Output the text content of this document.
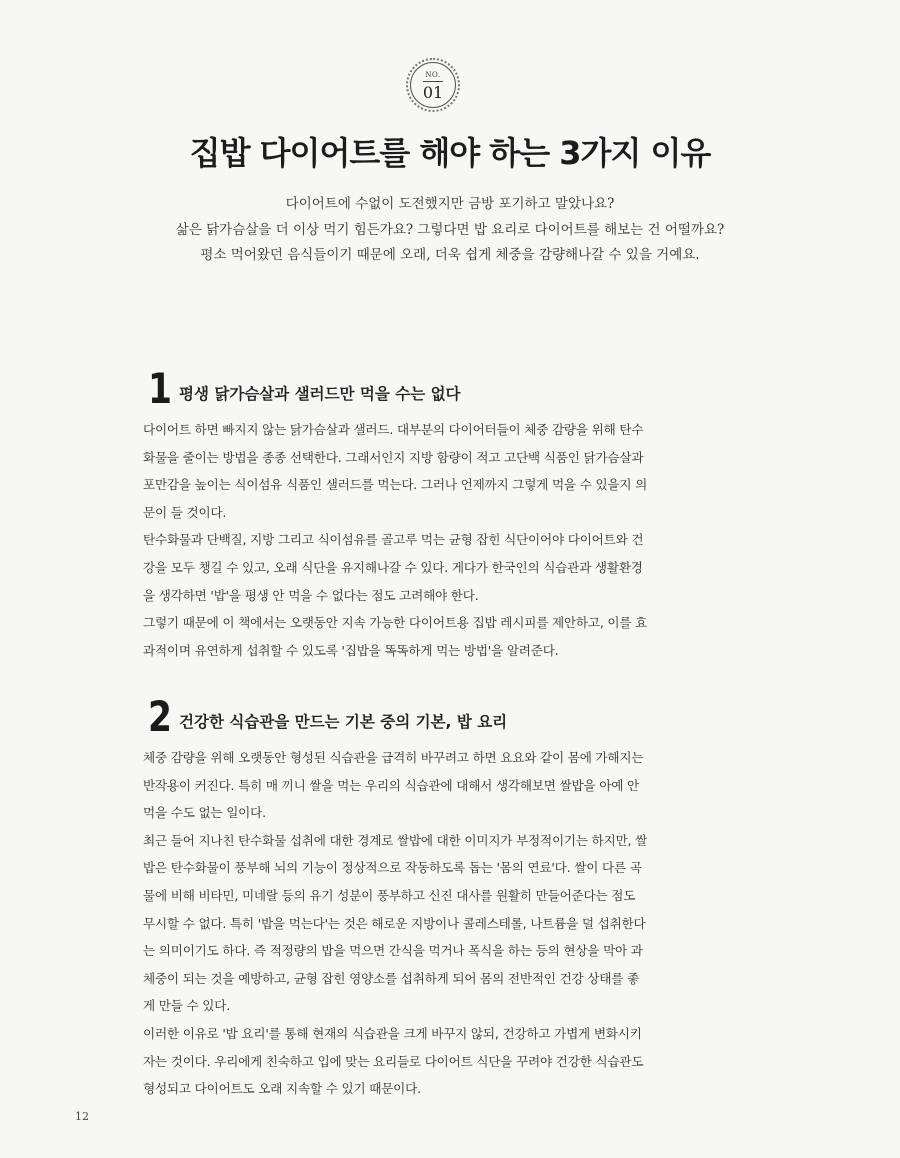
NO.
01
집밥 다이어트를 해야 하는 3가지 이유
다이어트에 수없이 도전했지만 금방 포기하고 말았나요?
삶은 닭가슴살을 더 이상 먹기 힘든가요? 그렇다면 밥 요리로 다이어트를 해보는 건 어떨까요?
평소 먹어왔던 음식들이기 때문에 오래, 더욱 쉽게 체중을 감량해나갈 수 있을 거예요.
1 평생 닭가슴살과 샐러드만 먹을 수는 없다
다이어트 하면 빠지지 않는 닭가슴살과 샐러드. 대부분의 다이어터들이 체중 감량을 위해 탄수
화물을 줄이는 방법을 종종 선택한다. 그래서인지 지방 함량이 적고 고단백 식품인 닭가슴살과
포만감을 높이는 식이섬유 식품인 샐러드를 먹는다. 그러나 언제까지 그렇게 먹을 수 있을지 의
문이 들 것이다.
탄수화물과 단백질, 지방 그리고 식이섬유를 골고루 먹는 균형 잡힌 식단이어야 다이어트와 건
강을 모두 챙길 수 있고, 오래 식단을 유지해나갈 수 있다. 게다가 한국인의 식습관과 생활환경
을 생각하면 '밥'을 평생 안 먹을 수 없다는 점도 고려해야 한다.
그렇기 때문에 이 책에서는 오랫동안 지속 가능한 다이어트용 집밥 레시피를 제안하고, 이를 효
과적이며 유연하게 섭취할 수 있도록 '집밥을 똑똑하게 먹는 방법'을 알려준다.
2 건강한 식습관을 만드는 기본 중의 기본, 밥 요리
체중 감량을 위해 오랫동안 형성된 식습관을 급격히 바꾸려고 하면 요요와 같이 몸에 가해지는
반작용이 커진다. 특히 매 끼니 쌀을 먹는 우리의 식습관에 대해서 생각해보면 쌀밥을 아예 안
먹을 수도 없는 일이다.
최근 들어 지나친 탄수화물 섭취에 대한 경계로 쌀밥에 대한 이미지가 부정적이기는 하지만, 쌀
밥은 탄수화물이 풍부해 뇌의 기능이 정상적으로 작동하도록 돕는 '몸의 연료'다. 쌀이 다른 곡
물에 비해 비타민, 미네랄 등의 유기 성분이 풍부하고 신진 대사를 원활히 만들어준다는 점도
무시할 수 없다. 특히 '밥을 먹는다'는 것은 해로운 지방이나 콜레스테롤, 나트륨을 덜 섭취한다
는 의미이기도 하다. 즉 적정량의 밥을 먹으면 간식을 먹거나 폭식을 하는 등의 현상을 막아 과
체중이 되는 것을 예방하고, 균형 잡힌 영양소를 섭취하게 되어 몸의 전반적인 건강 상태를 좋
게 만들 수 있다.
이러한 이유로 '밥 요리'를 통해 현재의 식습관을 크게 바꾸지 않되, 건강하고 가볍게 변화시키
자는 것이다. 우리에게 친숙하고 입에 맞는 요리들로 다이어트 식단을 꾸려야 건강한 식습관도
형성되고 다이어트도 오래 지속할 수 있기 때문이다.
12
